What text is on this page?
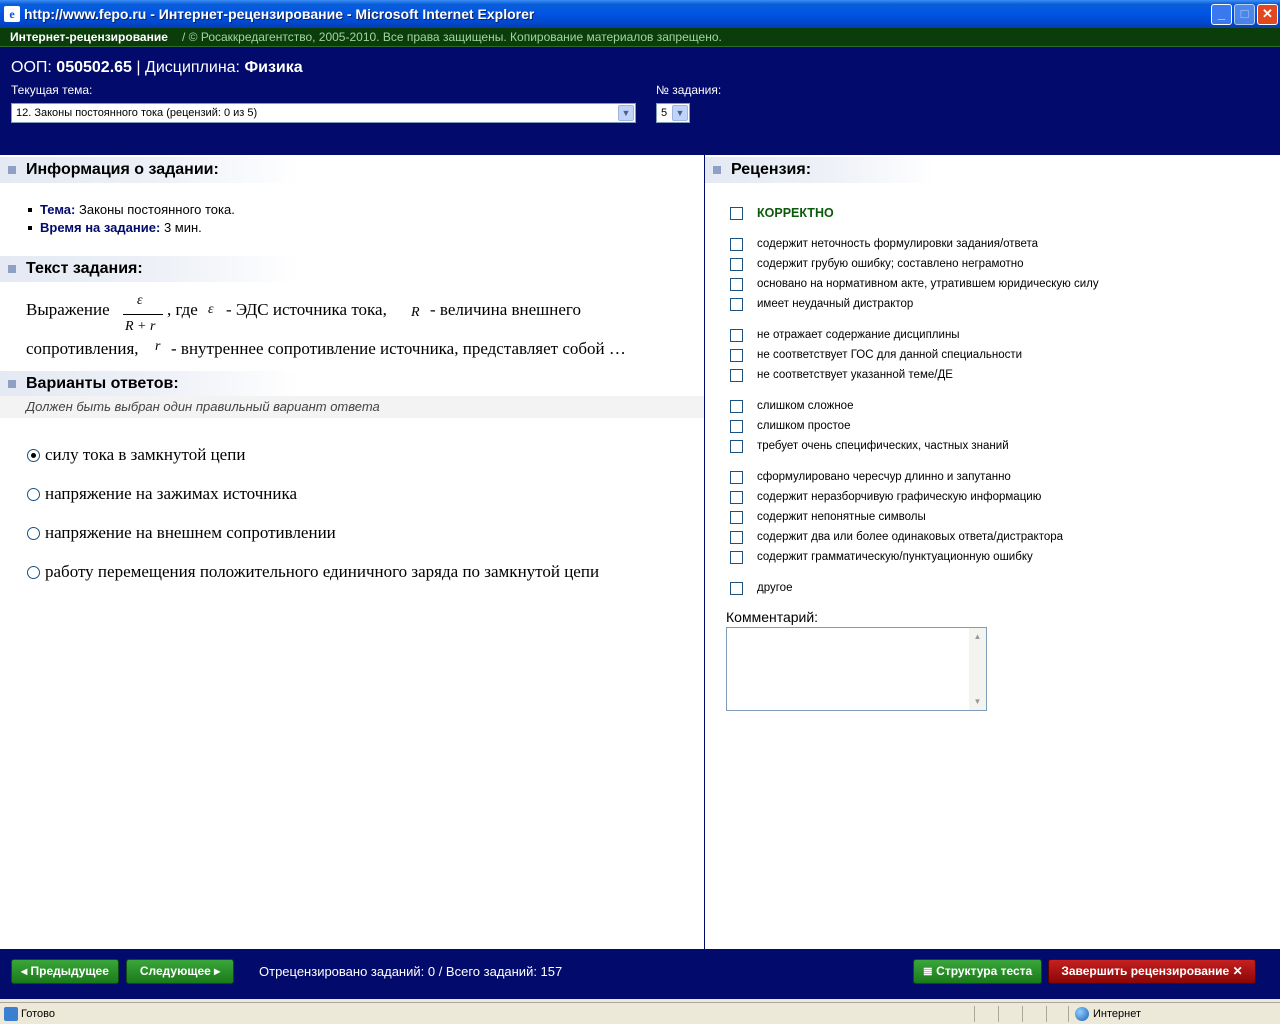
e http://www.fepo.ru - Интернет-рецензирование - Microsoft Internet Explorer	_	□	✕
Интернет-рецензирование / © Росаккредагентство, 2005-2010. Все права защищены. Копирование материалов запрещено.
ООП: 050502.65 | Дисциплина: Физика
Текущая тема:
12. Законы постоянного тока (рецензий: 0 из 5)	▼
№ задания:
5 ▼
Информация о задании:
Тема: Законы постоянного тока.
Время на задание: 3 мин.
Текст задания:
Выражение ε
R + r
, где ε - ЭДС источника тока, R - величина внешнего
сопротивления, r - внутреннее сопротивление источника, представляет собой …
Варианты ответов:
Должен быть выбран один правильный вариант ответа
силу тока в замкнутой цепи
напряжение на зажимах источника
напряжение на внешнем сопротивлении
работу перемещения положительного единичного заряда по замкнутой цепи
Рецензия:
КОРРЕКТНО
содержит неточность формулировки задания/ответа
содержит грубую ошибку; составлено неграмотно
основано на нормативном акте, утратившем юридическую силу
имеет неудачный дистрактор
не отражает содержание дисциплины
не соответствует ГОС для данной специальности
не соответствует указанной теме/ДЕ
слишком сложное
слишком простое
требует очень специфических, частных знаний
сформулировано чересчур длинно и запутанно
содержит неразборчивую графическую информацию
содержит непонятные символы
содержит два или более одинаковых ответа/дистрактора
содержит грамматическую/пунктуационную ошибку
другое
Комментарий:
▲
▼
◂ Предыдущее	Следующее ▸	Отрецензировано заданий: 0 / Всего заданий: 157	≣ Структура теста	Завершить рецензирование ✕
Готово	Интернет
